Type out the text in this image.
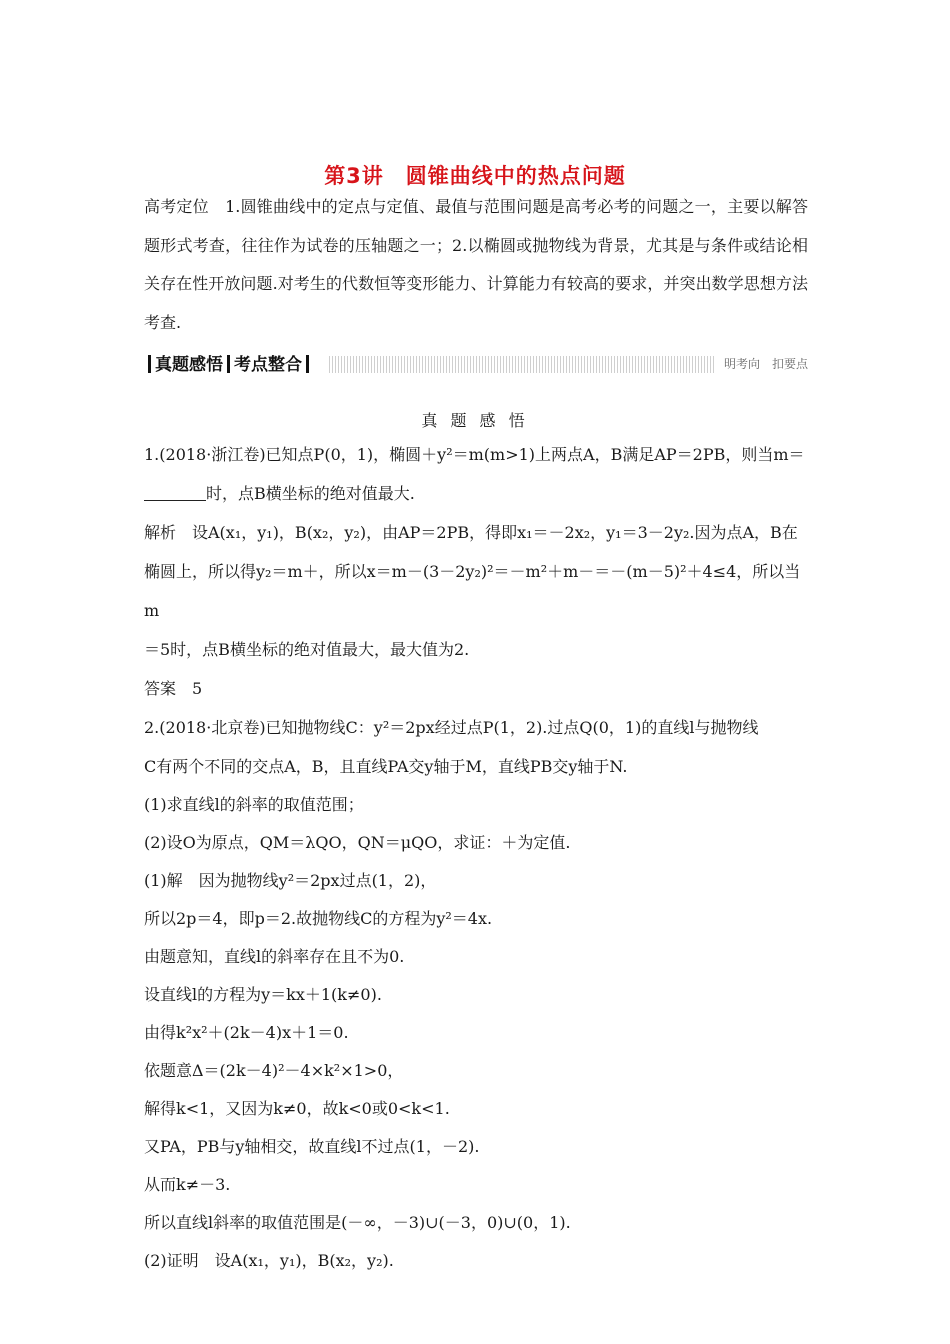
第3讲　圆锥曲线中的热点问题
高考定位　1.圆锥曲线中的定点与定值、最值与范围问题是高考必考的问题之一，主要以解答题形式考查，往往作为试卷的压轴题之一；2.以椭圆或抛物线为背景，尤其是与条件或结论相关存在性开放问题.对考生的代数恒等变形能力、计算能力有较高的要求，并突出数学思想方法考查.
真题感悟 考点整合	明考向　扣要点
真 题 感 悟

1.(2018·浙江卷)已知点P(0，1)，椭圆＋y²＝m(m>1)上两点A，B满足AP＝2PB，则当m＝

时，点B横坐标的绝对值最大.

解析　设A(x₁，y₁)，B(x₂，y₂)，由AP＝2PB，得即x₁＝－2x₂，y₁＝3－2y₂.因为点A，B在

椭圆上，所以得y₂＝m＋，所以x＝m－(3－2y₂)²＝－m²＋m－＝－(m－5)²＋4≤4，所以当m

＝5时，点B横坐标的绝对值最大，最大值为2.

答案　5

2.(2018·北京卷)已知抛物线C：y²＝2px经过点P(1，2).过点Q(0，1)的直线l与抛物线

C有两个不同的交点A，B，且直线PA交y轴于M，直线PB交y轴于N.

(1)求直线l的斜率的取值范围；

(2)设O为原点，QM＝λQO，QN＝μQO，求证：＋为定值.

(1)解　因为抛物线y²＝2px过点(1，2)，

所以2p＝4，即p＝2.故抛物线C的方程为y²＝4x.

由题意知，直线l的斜率存在且不为0.

设直线l的方程为y＝kx＋1(k≠0).

由得k²x²＋(2k－4)x＋1＝0.

依题意Δ＝(2k－4)²－4×k²×1>0，

解得k<1，又因为k≠0，故k<0或0<k<1.

又PA，PB与y轴相交，故直线l不过点(1，－2).

从而k≠－3.

所以直线l斜率的取值范围是(－∞，－3)∪(－3，0)∪(0，1).

(2)证明　设A(x₁，y₁)，B(x₂，y₂).
